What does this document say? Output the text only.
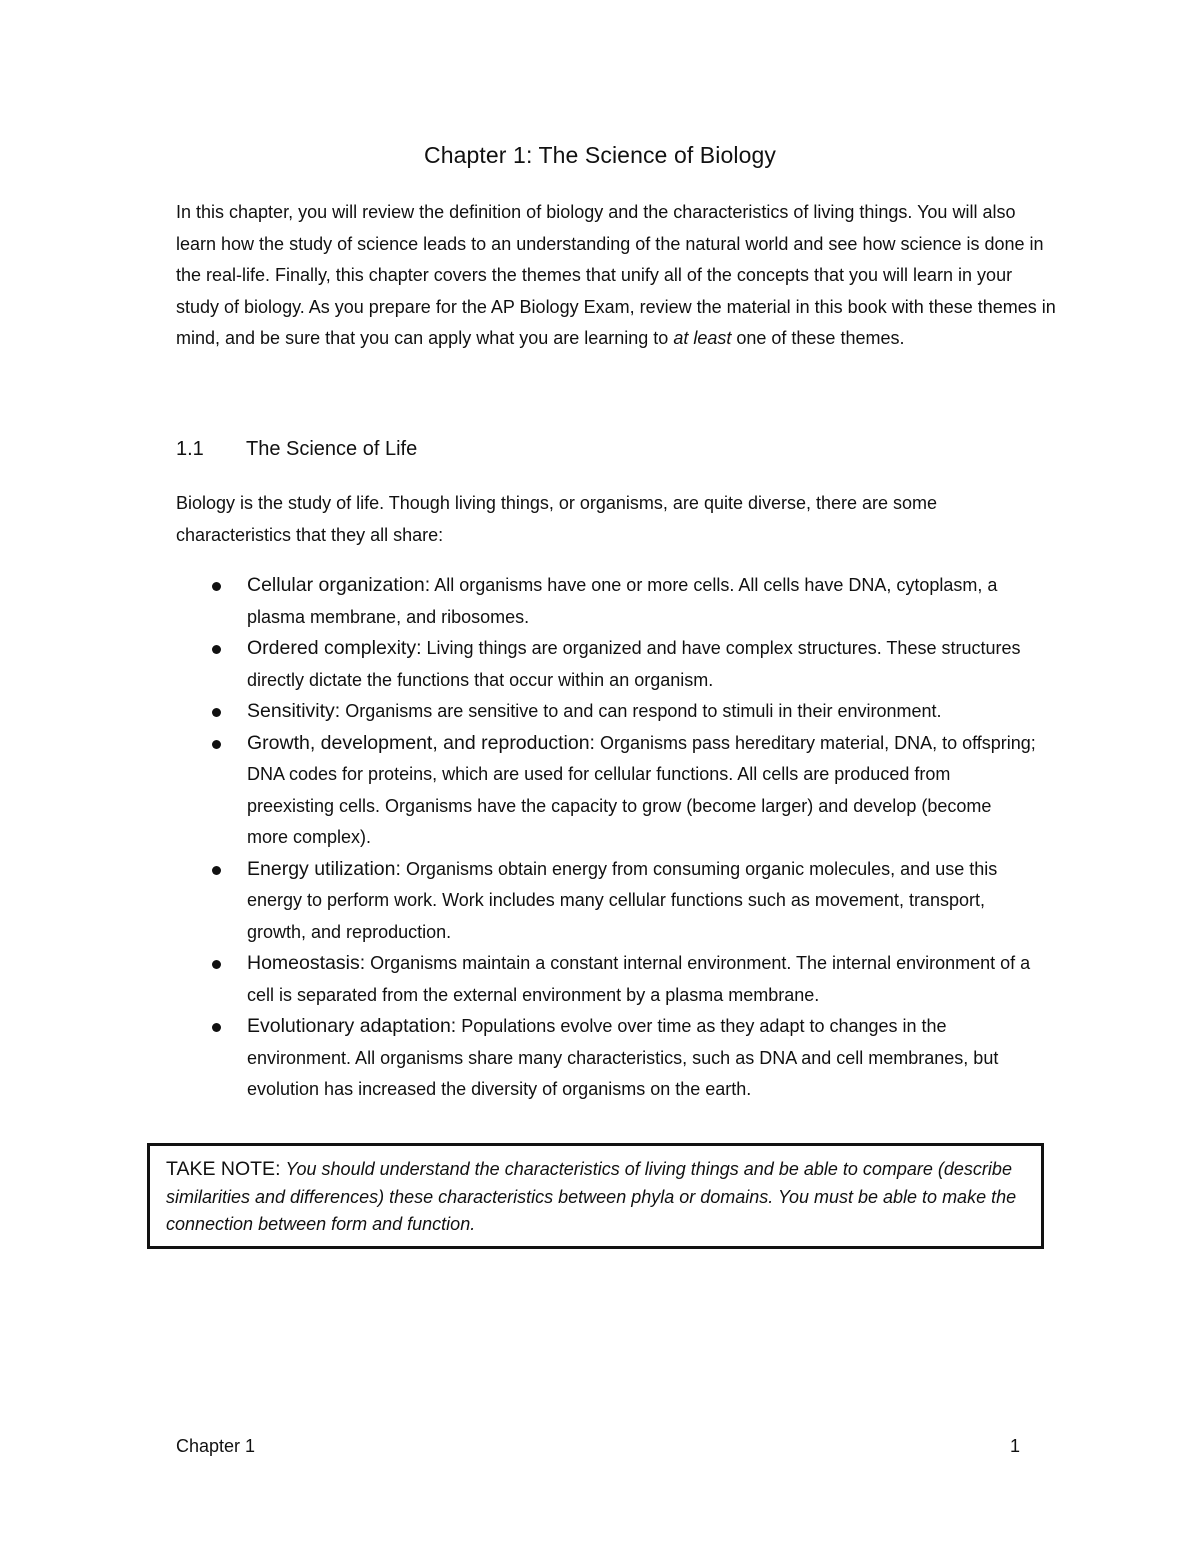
Chapter 1: The Science of Biology

In this chapter, you will review the definition of biology and the characteristics of living things. You will also learn how the study of science leads to an understanding of the natural world and see how science is done in the real-life. Finally, this chapter covers the themes that unify all of the concepts that you will learn in your study of biology. As you prepare for the AP Biology Exam, review the material in this book with these themes in mind, and be sure that you can apply what you are learning to at least one of these themes.

1.1 The Science of Life

Biology is the study of life. Though living things, or organisms, are quite diverse, there are some characteristics that they all share:

Cellular organization: All organisms have one or more cells. All cells have DNA, cytoplasm, a plasma membrane, and ribosomes.
Ordered complexity: Living things are organized and have complex structures. These structures directly dictate the functions that occur within an organism.
Sensitivity: Organisms are sensitive to and can respond to stimuli in their environment.
Growth, development, and reproduction: Organisms pass hereditary material, DNA, to offspring; DNA codes for proteins, which are used for cellular functions. All cells are produced from preexisting cells. Organisms have the capacity to grow (become larger) and develop (become more complex).
Energy utilization: Organisms obtain energy from consuming organic molecules, and use this energy to perform work. Work includes many cellular functions such as movement, transport, growth, and reproduction.
Homeostasis: Organisms maintain a constant internal environment. The internal environment of a cell is separated from the external environment by a plasma membrane.
Evolutionary adaptation: Populations evolve over time as they adapt to changes in the environment. All organisms share many characteristics, such as DNA and cell membranes, but evolution has increased the diversity of organisms on the earth.

TAKE NOTE: You should understand the characteristics of living things and be able to compare (describe similarities and differences) these characteristics between phyla or domains. You must be able to make the connection between form and function.

Chapter 1	1
